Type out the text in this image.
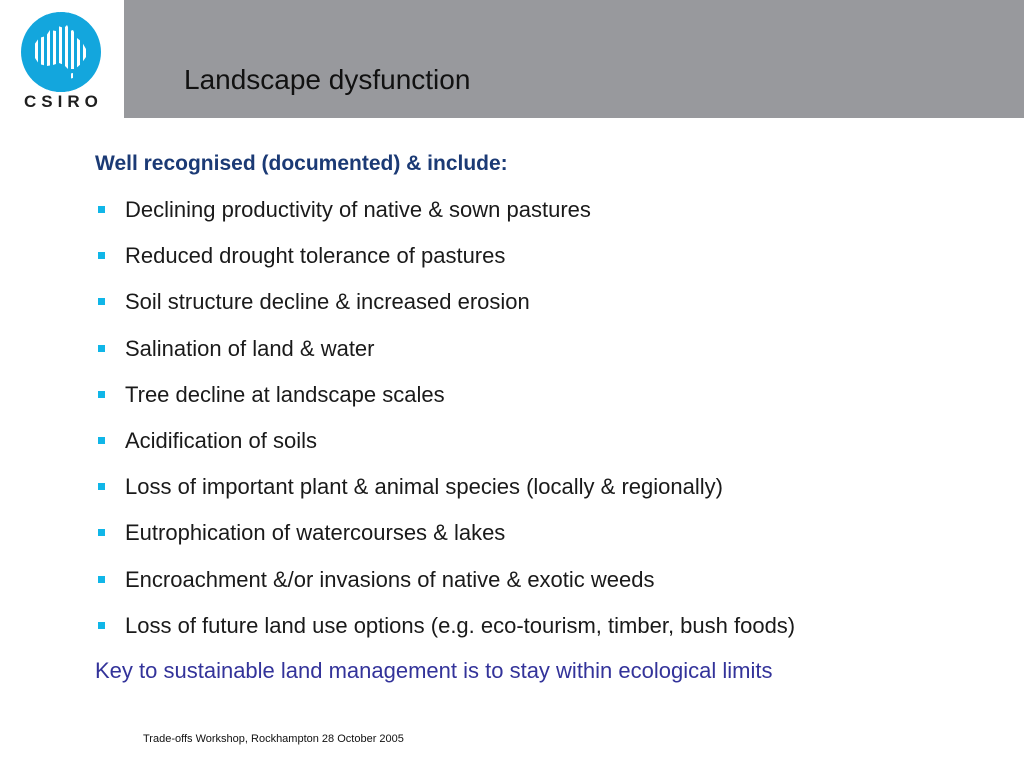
CSIRO
Landscape dysfunction
Well recognised (documented) & include:
Declining productivity of native & sown pastures
Reduced drought tolerance of pastures
Soil structure decline & increased erosion
Salination of land & water
Tree decline at landscape scales
Acidification of soils
Loss of important plant & animal species (locally & regionally)
Eutrophication of watercourses & lakes
Encroachment &/or invasions of native & exotic weeds
Loss of future land use options (e.g. eco-tourism, timber, bush foods)
Key to sustainable land management is to stay within ecological limits
Trade-offs Workshop, Rockhampton 28 October 2005
